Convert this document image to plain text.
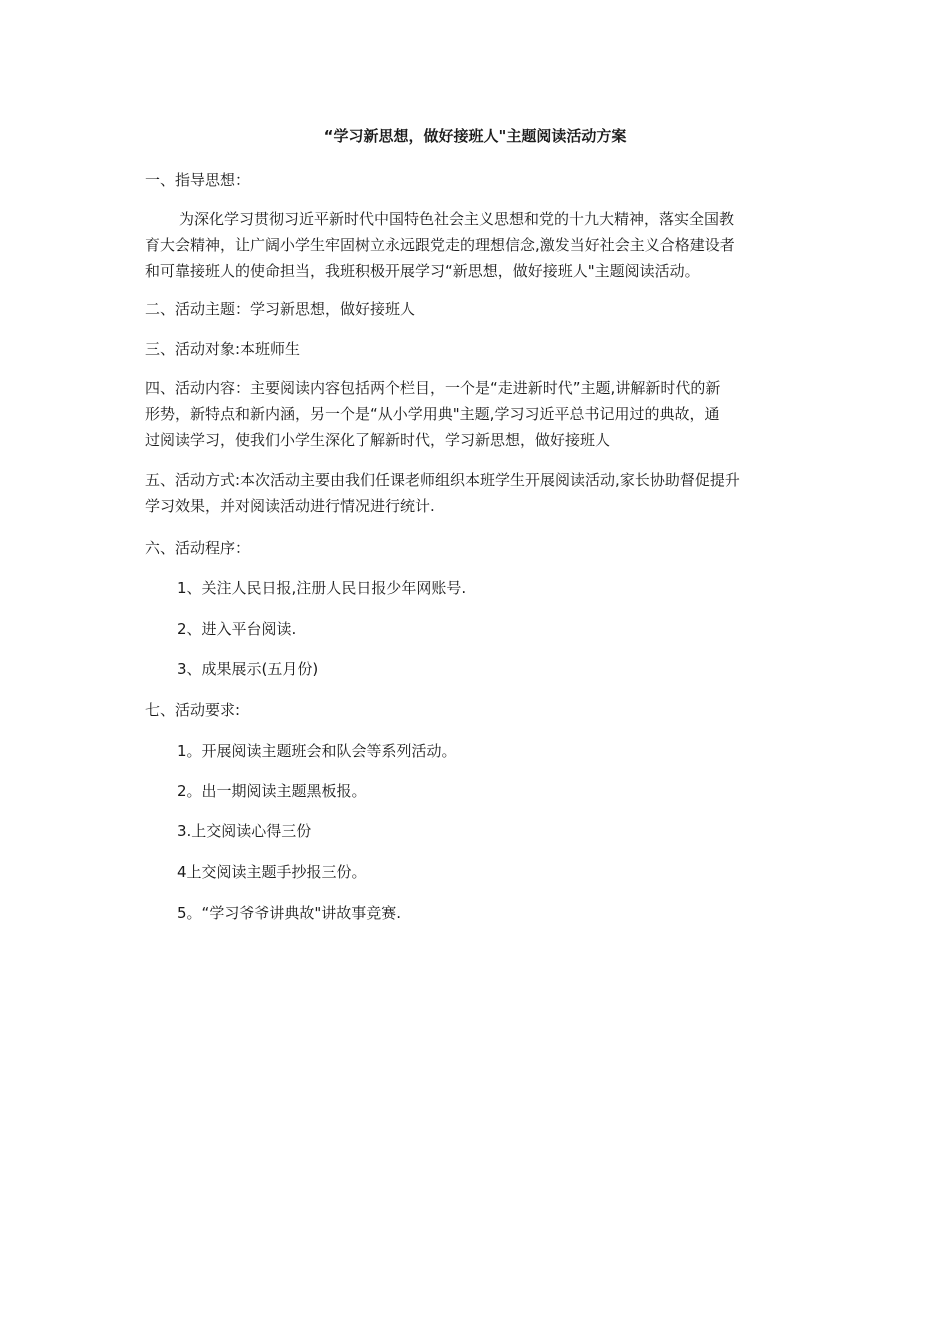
“学习新思想，做好接班人"主题阅读活动方案
一、指导思想：

为深化学习贯彻习近平新时代中国特色社会主义思想和党的十九大精神，落实全国教

育大会精神，让广阔小学生牢固树立永远跟党走的理想信念,激发当好社会主义合格建设者

和可靠接班人的使命担当，我班积极开展学习“新思想，做好接班人"主题阅读活动。

二、活动主题：学习新思想，做好接班人
三、活动对象:本班师生

四、活动内容：主要阅读内容包括两个栏目，一个是“走进新时代”主题,讲解新时代的新

形势，新特点和新内涵，另一个是“从小学用典"主题,学习习近平总书记用过的典故，通

过阅读学习，使我们小学生深化了解新时代，学习新思想，做好接班人

五、活动方式:本次活动主要由我们任课老师组织本班学生开展阅读活动,家长协助督促提升

学习效果，并对阅读活动进行情况进行统计.

六、活动程序：
1、关注人民日报,注册人民日报少年网账号.
2、进入平台阅读.
3、成果展示(五月份)
七、活动要求:
1。开展阅读主题班会和队会等系列活动。
2。出一期阅读主题黑板报。
3.上交阅读心得三份
4上交阅读主题手抄报三份。
5。“学习爷爷讲典故"讲故事竞赛.
